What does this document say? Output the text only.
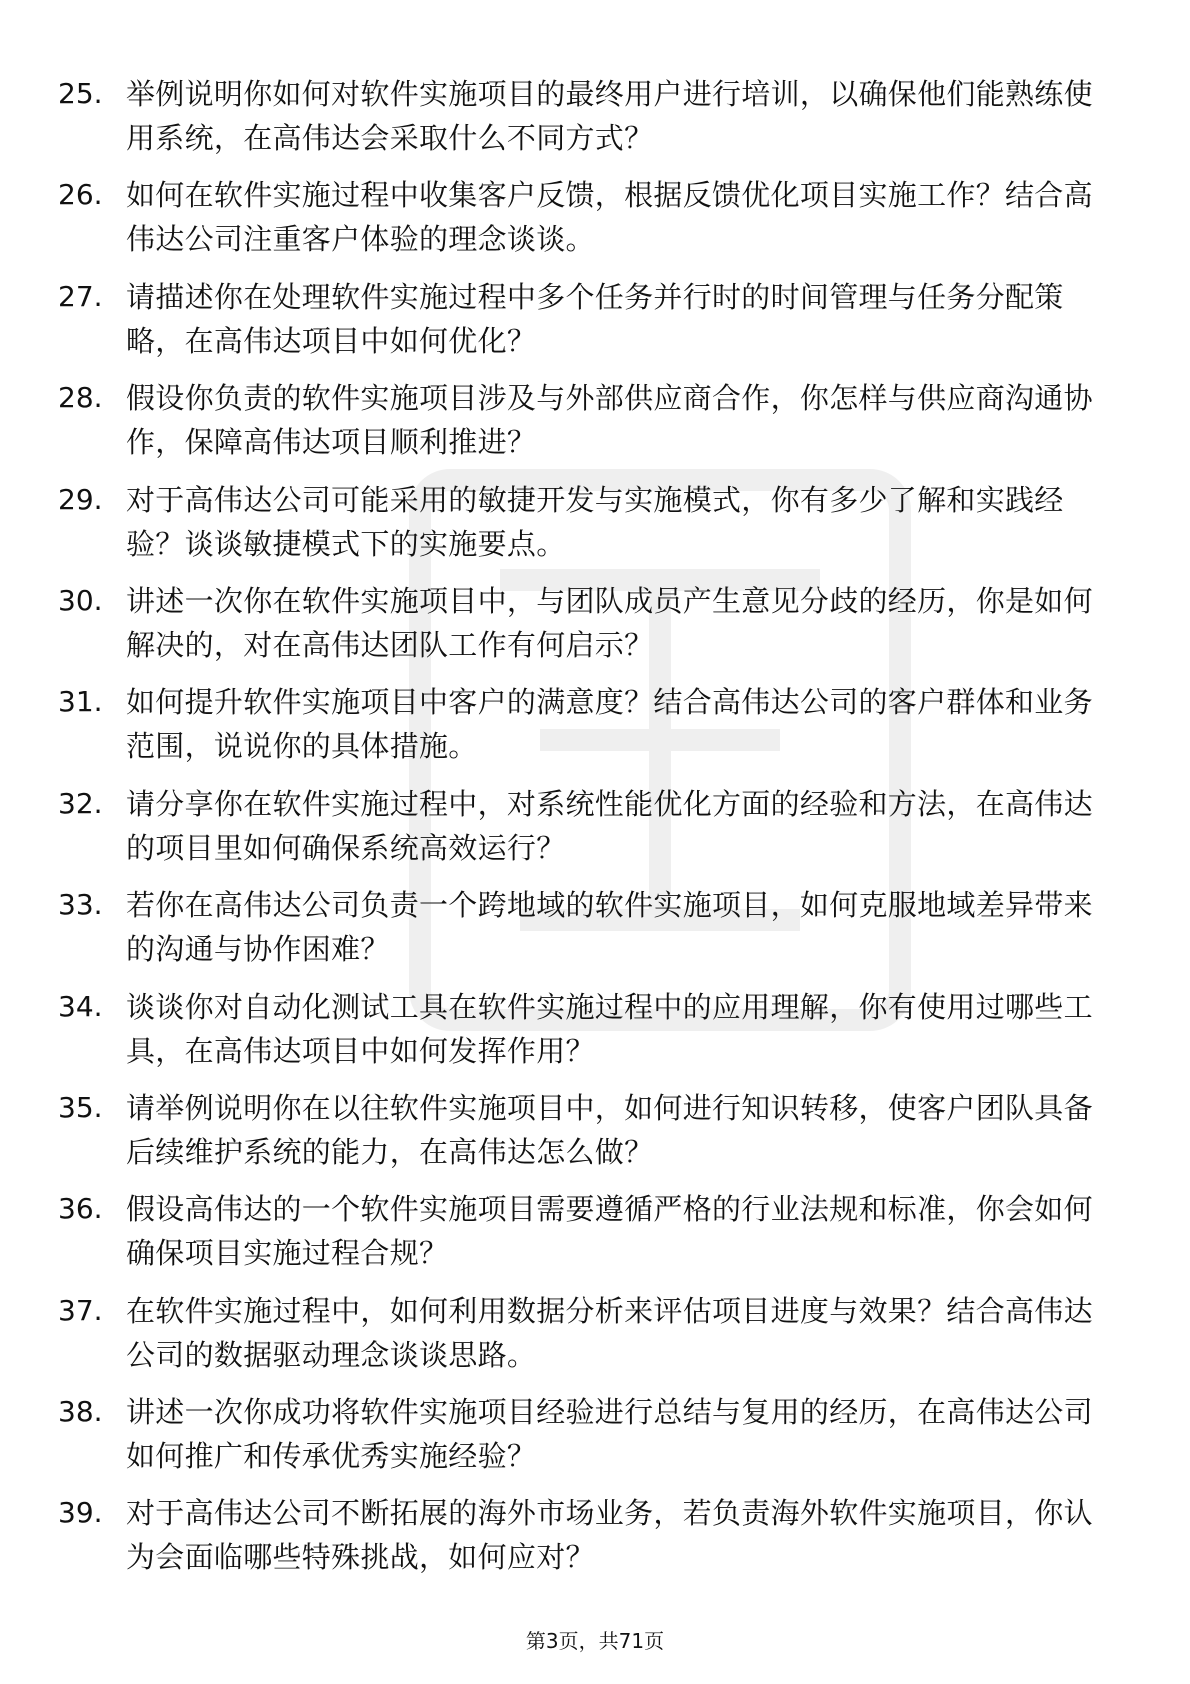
25. 举例说明你如何对软件实施项目的最终用户进行培训，以确保他们能熟练使用系统，在高伟达会采取什么不同方式？
26. 如何在软件实施过程中收集客户反馈，根据反馈优化项目实施工作？结合高伟达公司注重客户体验的理念谈谈。
27. 请描述你在处理软件实施过程中多个任务并行时的时间管理与任务分配策略，在高伟达项目中如何优化？
28. 假设你负责的软件实施项目涉及与外部供应商合作，你怎样与供应商沟通协作，保障高伟达项目顺利推进？
29. 对于高伟达公司可能采用的敏捷开发与实施模式，你有多少了解和实践经验？谈谈敏捷模式下的实施要点。
30. 讲述一次你在软件实施项目中，与团队成员产生意见分歧的经历，你是如何解决的，对在高伟达团队工作有何启示？
31. 如何提升软件实施项目中客户的满意度？结合高伟达公司的客户群体和业务范围，说说你的具体措施。
32. 请分享你在软件实施过程中，对系统性能优化方面的经验和方法，在高伟达的项目里如何确保系统高效运行？
33. 若你在高伟达公司负责一个跨地域的软件实施项目，如何克服地域差异带来的沟通与协作困难？
34. 谈谈你对自动化测试工具在软件实施过程中的应用理解，你有使用过哪些工具，在高伟达项目中如何发挥作用？
35. 请举例说明你在以往软件实施项目中，如何进行知识转移，使客户团队具备后续维护系统的能力，在高伟达怎么做？
36. 假设高伟达的一个软件实施项目需要遵循严格的行业法规和标准，你会如何确保项目实施过程合规？
37. 在软件实施过程中，如何利用数据分析来评估项目进度与效果？结合高伟达公司的数据驱动理念谈谈思路。
38. 讲述一次你成功将软件实施项目经验进行总结与复用的经历，在高伟达公司如何推广和传承优秀实施经验？
39. 对于高伟达公司不断拓展的海外市场业务，若负责海外软件实施项目，你认为会面临哪些特殊挑战，如何应对？
第3页，共71页
